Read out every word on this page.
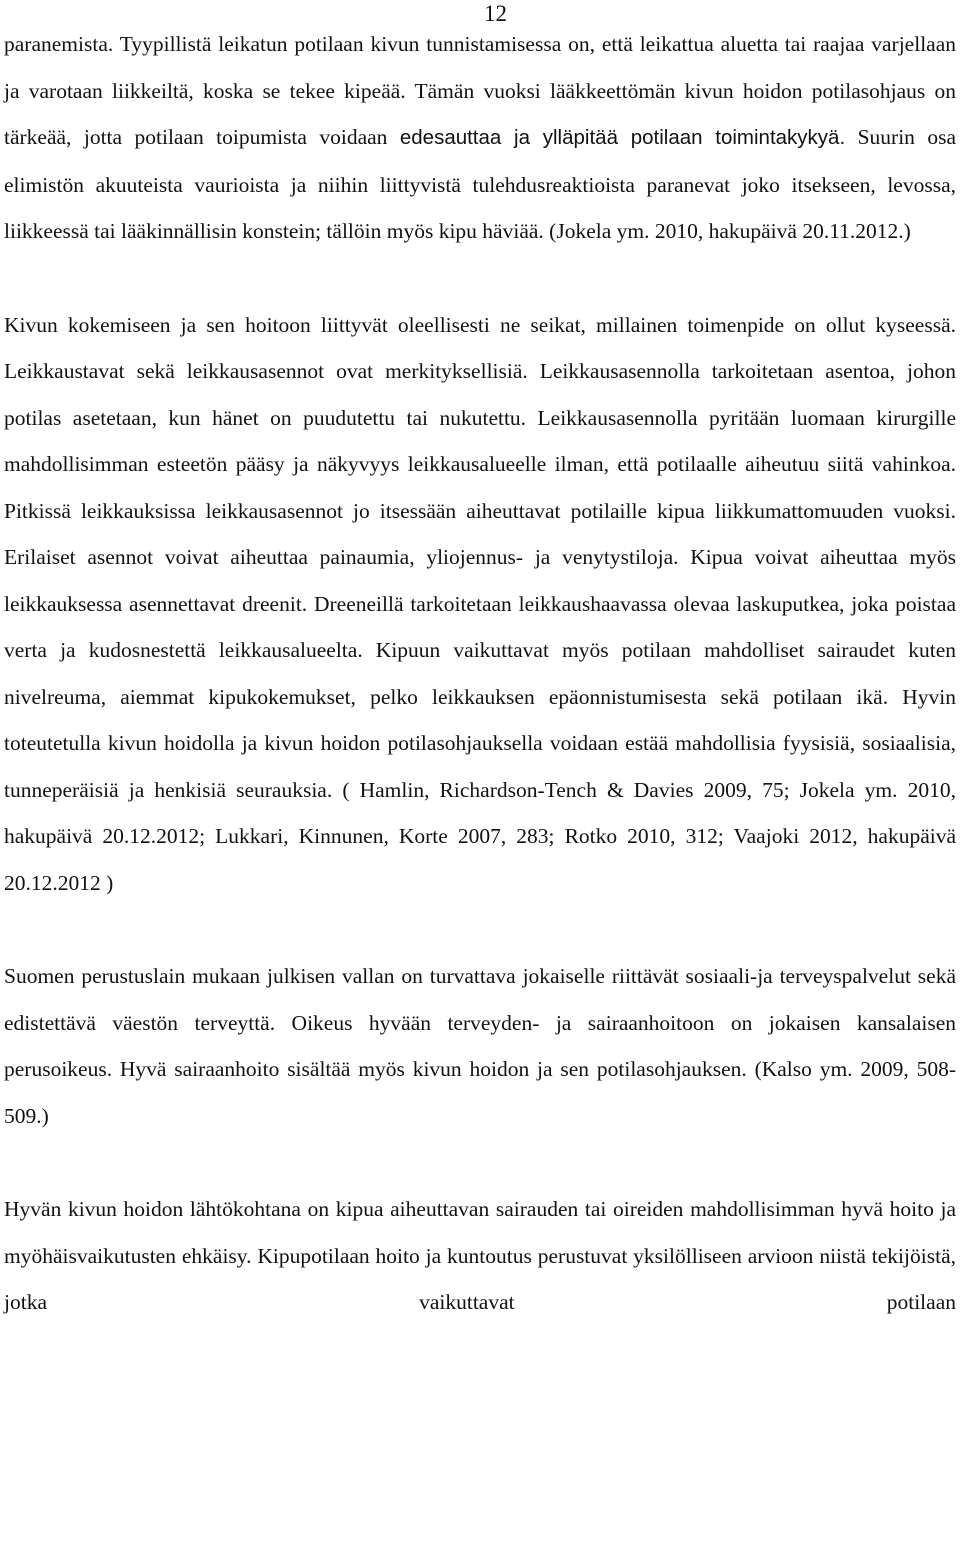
12

paranemista. Tyypillistä leikatun potilaan kivun tunnistamisessa on, että leikattua aluetta tai raajaa varjellaan ja varotaan liikkeiltä, koska se tekee kipeää. Tämän vuoksi lääkkeettömän kivun hoidon potilasohjaus on tärkeää, jotta potilaan toipumista voidaan edesauttaa ja ylläpitää potilaan toimintakykyä. Suurin osa elimistön akuuteista vaurioista ja niihin liittyvistä tulehdusreaktioista paranevat joko itsekseen, levossa, liikkeessä tai lääkinnällisin konstein; tällöin myös kipu häviää. (Jokela ym. 2010, hakupäivä 20.11.2012.)

Kivun kokemiseen ja sen hoitoon liittyvät oleellisesti ne seikat, millainen toimenpide on ollut kyseessä. Leikkaustavat sekä leikkausasennot ovat merkityksellisiä. Leikkausasennolla tarkoitetaan asentoa, johon potilas asetetaan, kun hänet on puudutettu tai nukutettu. Leikkausasennolla pyritään luomaan kirurgille mahdollisimman esteetön pääsy ja näkyvyys leikkausalueelle ilman, että potilaalle aiheutuu siitä vahinkoa. Pitkissä leikkauksissa leikkausasennot jo itsessään aiheuttavat potilaille kipua liikkumattomuuden vuoksi. Erilaiset asennot voivat aiheuttaa painaumia, yliojennus- ja venytystiloja. Kipua voivat aiheuttaa myös leikkauksessa asennettavat dreenit. Dreeneillä tarkoitetaan leikkaushaavassa olevaa laskuputkea, joka poistaa verta ja kudosnestettä leikkausalueelta. Kipuun vaikuttavat myös potilaan mahdolliset sairaudet kuten nivelreuma, aiemmat kipukokemukset, pelko leikkauksen epäonnistumisesta sekä potilaan ikä. Hyvin toteutetulla kivun hoidolla ja kivun hoidon potilasohjauksella voidaan estää mahdollisia fyysisiä, sosiaalisia, tunneperäisiä ja henkisiä seurauksia. ( Hamlin, Richardson-Tench & Davies 2009, 75; Jokela ym. 2010, hakupäivä 20.12.2012; Lukkari, Kinnunen, Korte 2007, 283; Rotko 2010, 312; Vaajoki 2012, hakupäivä 20.12.2012 )

Suomen perustuslain mukaan julkisen vallan on turvattava jokaiselle riittävät sosiaali-ja terveyspalvelut sekä edistettävä väestön terveyttä. Oikeus hyvään terveyden- ja sairaanhoitoon on jokaisen kansalaisen perusoikeus. Hyvä sairaanhoito sisältää myös kivun hoidon ja sen potilasohjauksen. (Kalso ym. 2009, 508-509.)

Hyvän kivun hoidon lähtökohtana on kipua aiheuttavan sairauden tai oireiden mahdollisimman hyvä hoito ja myöhäisvaikutusten ehkäisy. Kipupotilaan hoito ja kuntoutus perustuvat yksilölliseen arvioon niistä tekijöistä, jotka vaikuttavat potilaan
